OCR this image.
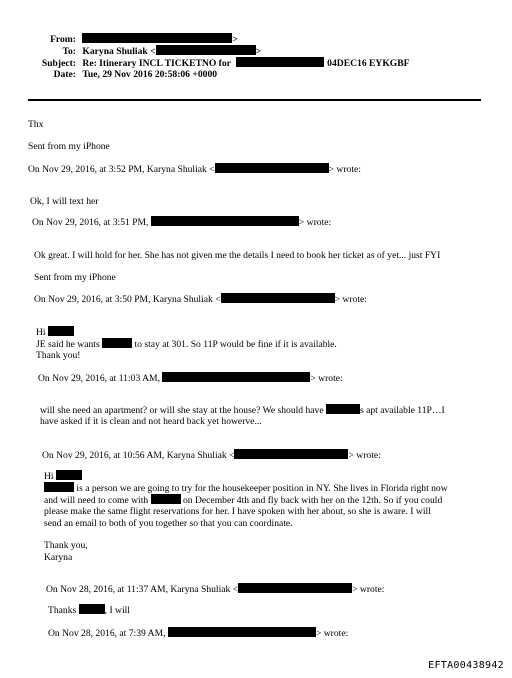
From:	>
To: Karyna Shuliak <	>
Subject: Re: Itinerary INCL TICKETNO for	04DEC16 EYKGBF
Date: Tue, 29 Nov 2016 20:58:06 +0000
Thx
Sent from my iPhone
On Nov 29, 2016, at 3:52 PM, Karyna Shuliak <	> wrote:
Ok, I will text her
On Nov 29, 2016, at 3:51 PM,	> wrote:
Ok great. I will hold for her. She has not given me the details I need to book her ticket as of yet... just FYI
Sent from my iPhone
On Nov 29, 2016, at 3:50 PM, Karyna Shuliak <	> wrote:
Hi
JE said he wants	to stay at 301. So 11P would be fine if it is available.
Thank you!
On Nov 29, 2016, at 11:03 AM,	> wrote:
will she need an apartment? or will she stay at the house? We should have	s apt available 11P…I
have asked if it is clean and not heard back yet howerve...
On Nov 29, 2016, at 10:56 AM, Karyna Shuliak <	> wrote:
Hi
is a person we are going to try for the housekeeper position in NY. She lives in Florida right now
and will need to come with	on December 4th and fly back with her on the 12th. So if you could
please make the same flight reservations for her. I have spoken with her about, so she is aware. I will
send an email to both of you together so that you can coordinate.
Thank you,
Karyna
On Nov 28, 2016, at 11:37 AM, Karyna Shuliak <	> wrote:
Thanks	, I will
On Nov 28, 2016, at 7:39 AM,	> wrote:
EFTA00438942
